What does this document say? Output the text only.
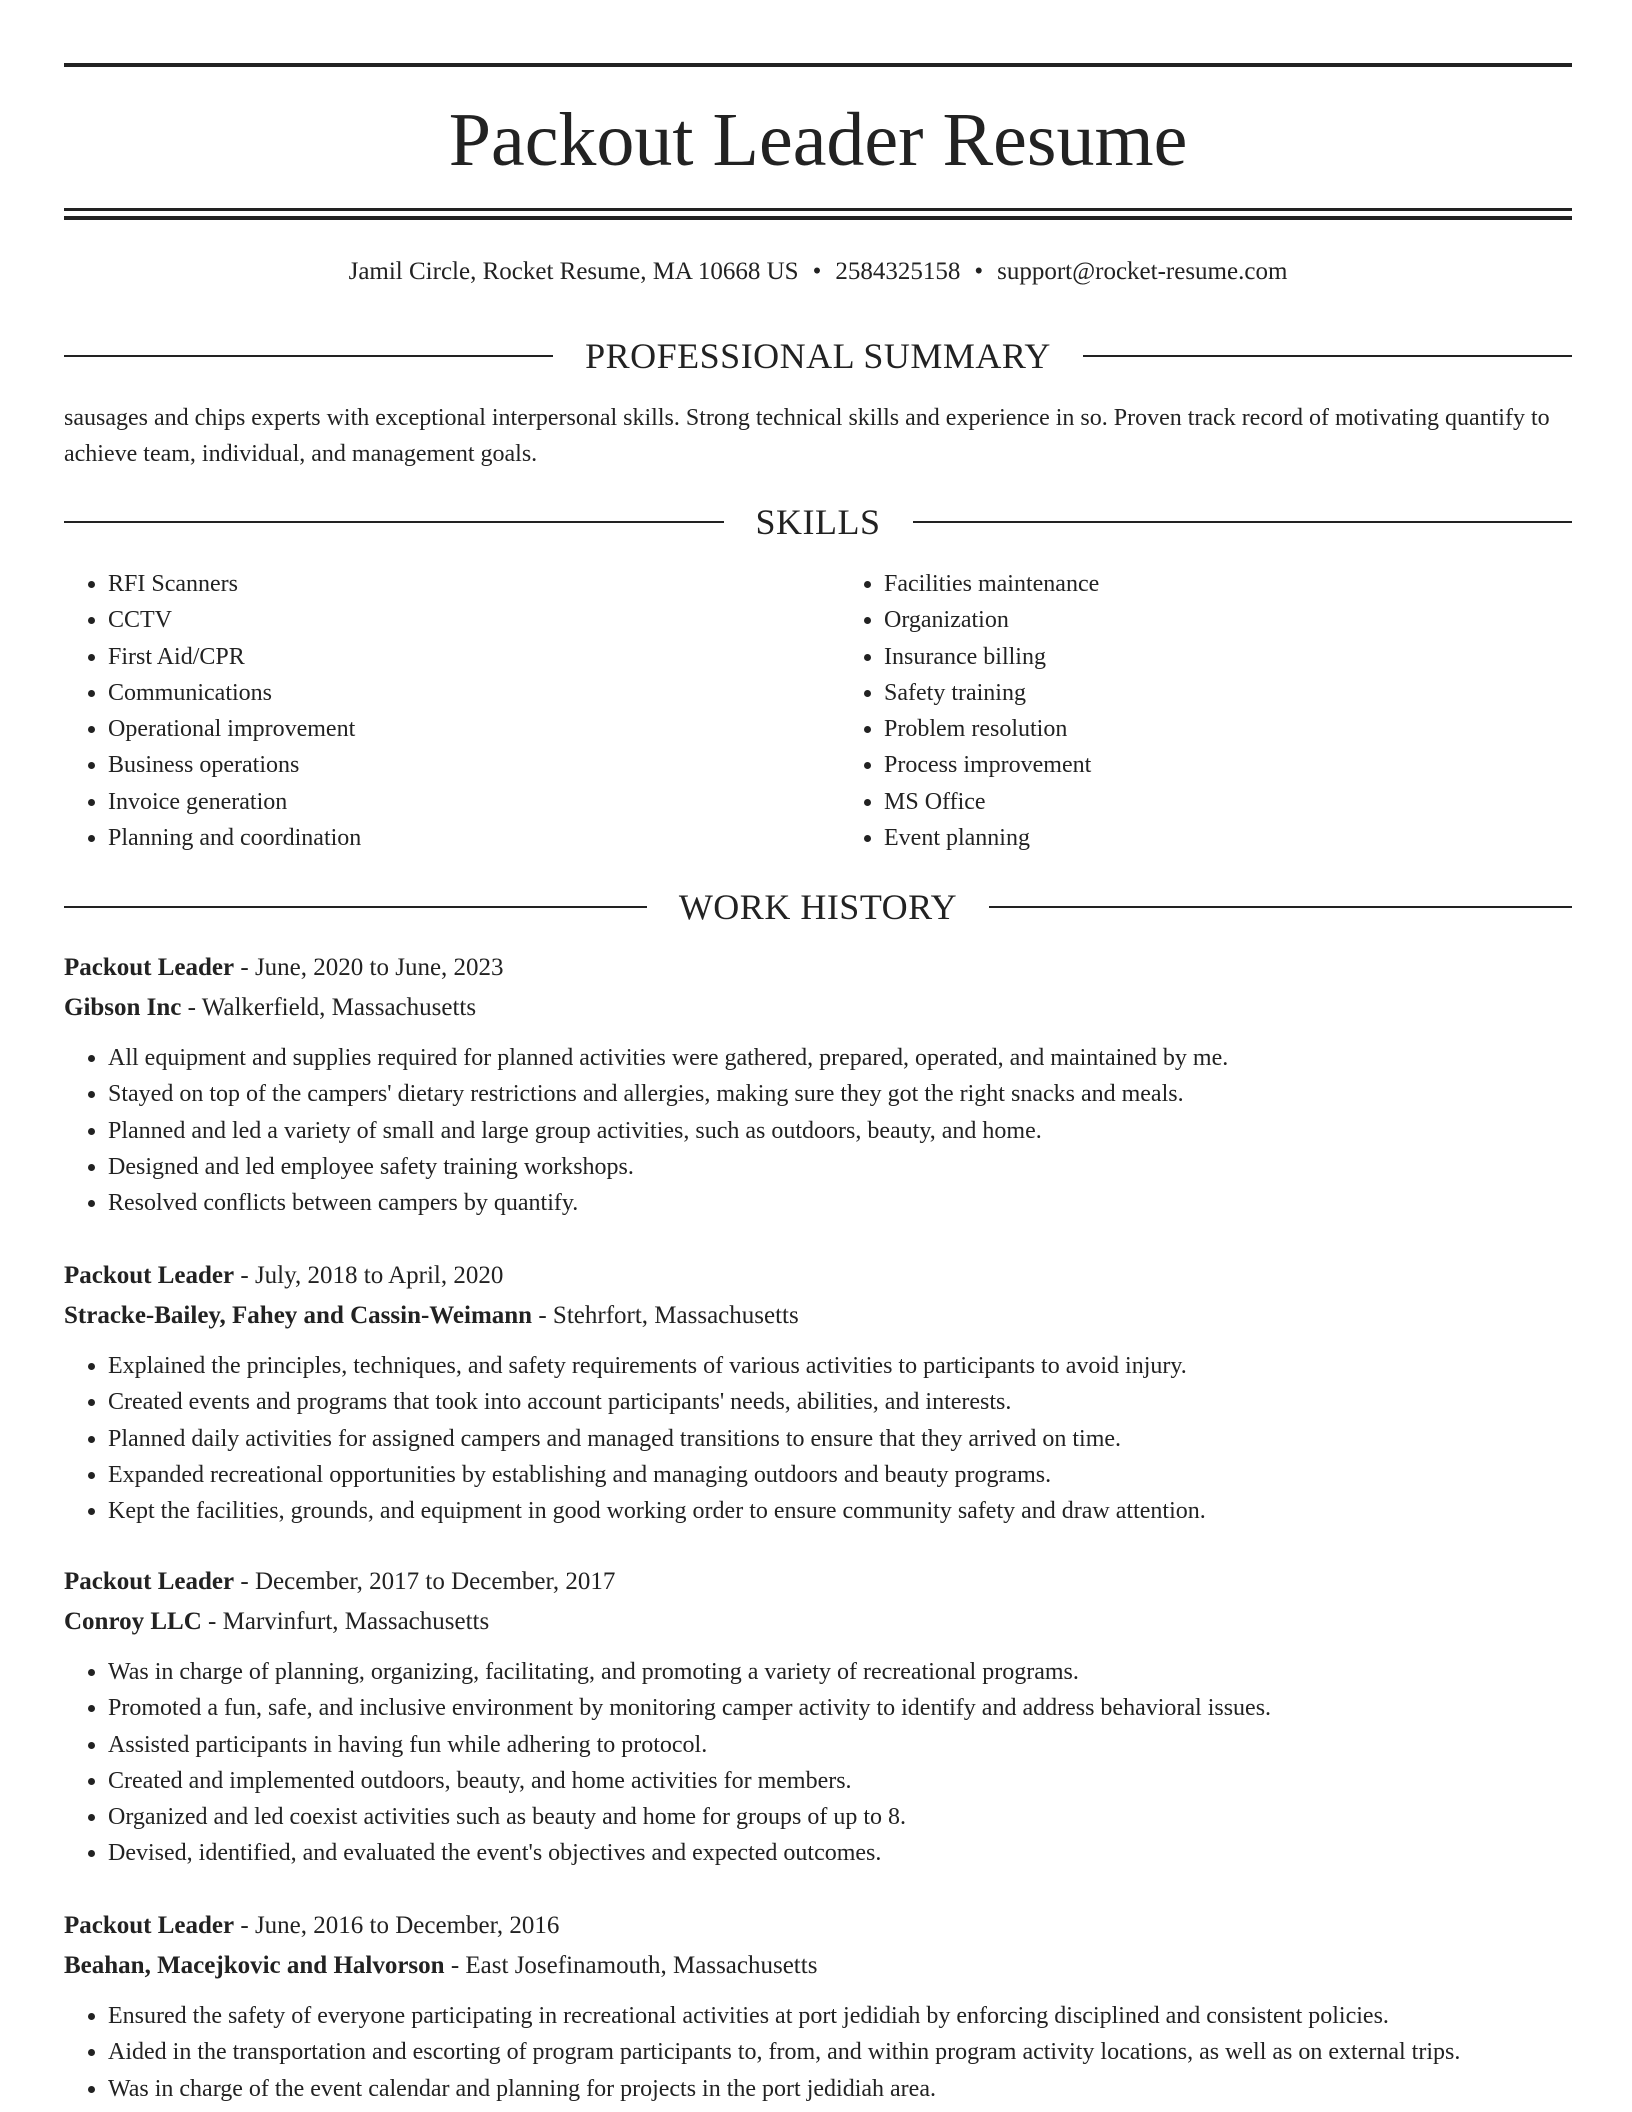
Packout Leader Resume
Jamil Circle, Rocket Resume, MA 10668 US • 2584325158 • support@rocket-resume.com
PROFESSIONAL SUMMARY

sausages and chips experts with exceptional interpersonal skills. Strong technical skills and experience in so. Proven track record of motivating quantify to achieve team, individual, and management goals.

SKILLS
• RFI Scanners
• CCTV
• First Aid/CPR
• Communications
• Operational improvement
• Business operations
• Invoice generation
• Planning and coordination
• Facilities maintenance
• Organization
• Insurance billing
• Safety training
• Problem resolution
• Process improvement
• MS Office
• Event planning
WORK HISTORY
Packout Leader - June, 2020 to June, 2023
Gibson Inc - Walkerfield, Massachusetts
• All equipment and supplies required for planned activities were gathered, prepared, operated, and maintained by me.
• Stayed on top of the campers' dietary restrictions and allergies, making sure they got the right snacks and meals.
• Planned and led a variety of small and large group activities, such as outdoors, beauty, and home.
• Designed and led employee safety training workshops.
• Resolved conflicts between campers by quantify.
Packout Leader - July, 2018 to April, 2020
Stracke-Bailey, Fahey and Cassin-Weimann - Stehrfort, Massachusetts
• Explained the principles, techniques, and safety requirements of various activities to participants to avoid injury.
• Created events and programs that took into account participants' needs, abilities, and interests.
• Planned daily activities for assigned campers and managed transitions to ensure that they arrived on time.
• Expanded recreational opportunities by establishing and managing outdoors and beauty programs.
• Kept the facilities, grounds, and equipment in good working order to ensure community safety and draw attention.
Packout Leader - December, 2017 to December, 2017
Conroy LLC - Marvinfurt, Massachusetts
• Was in charge of planning, organizing, facilitating, and promoting a variety of recreational programs.
• Promoted a fun, safe, and inclusive environment by monitoring camper activity to identify and address behavioral issues.
• Assisted participants in having fun while adhering to protocol.
• Created and implemented outdoors, beauty, and home activities for members.
• Organized and led coexist activities such as beauty and home for groups of up to 8.
• Devised, identified, and evaluated the event's objectives and expected outcomes.
Packout Leader - June, 2016 to December, 2016
Beahan, Macejkovic and Halvorson - East Josefinamouth, Massachusetts
• Ensured the safety of everyone participating in recreational activities at port jedidiah by enforcing disciplined and consistent policies.
• Aided in the transportation and escorting of program participants to, from, and within program activity locations, as well as on external trips.
• Was in charge of the event calendar and planning for projects in the port jedidiah area.
